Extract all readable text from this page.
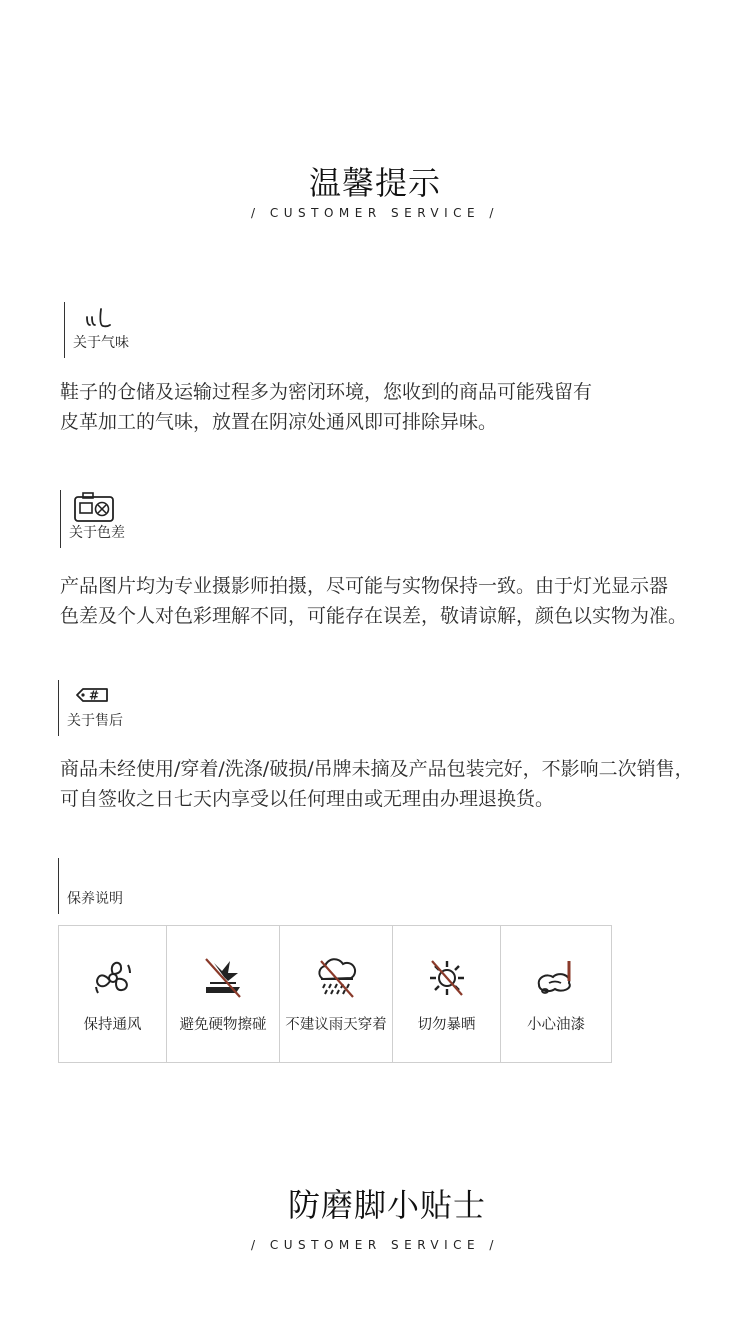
温馨提示
/ CUSTOMER SERVICE /
关于气味
鞋子的仓储及运输过程多为密闭环境，您收到的商品可能残留有
皮革加工的气味，放置在阴凉处通风即可排除异味。
关于色差
产品图片均为专业摄影师拍摄，尽可能与实物保持一致。由于灯光显示器
色差及个人对色彩理解不同，可能存在误差，敬请谅解，颜色以实物为准。
#
关于售后
商品未经使用/穿着/洗涤/破损/吊牌未摘及产品包装完好，不影响二次销售，
可自签收之日七天内享受以任何理由或无理由办理退换货。
保养说明
保持通风	避免硬物擦碰 不建议雨天穿着 切勿暴晒	小心油漆
防磨脚小贴士
/ CUSTOMER SERVICE /
